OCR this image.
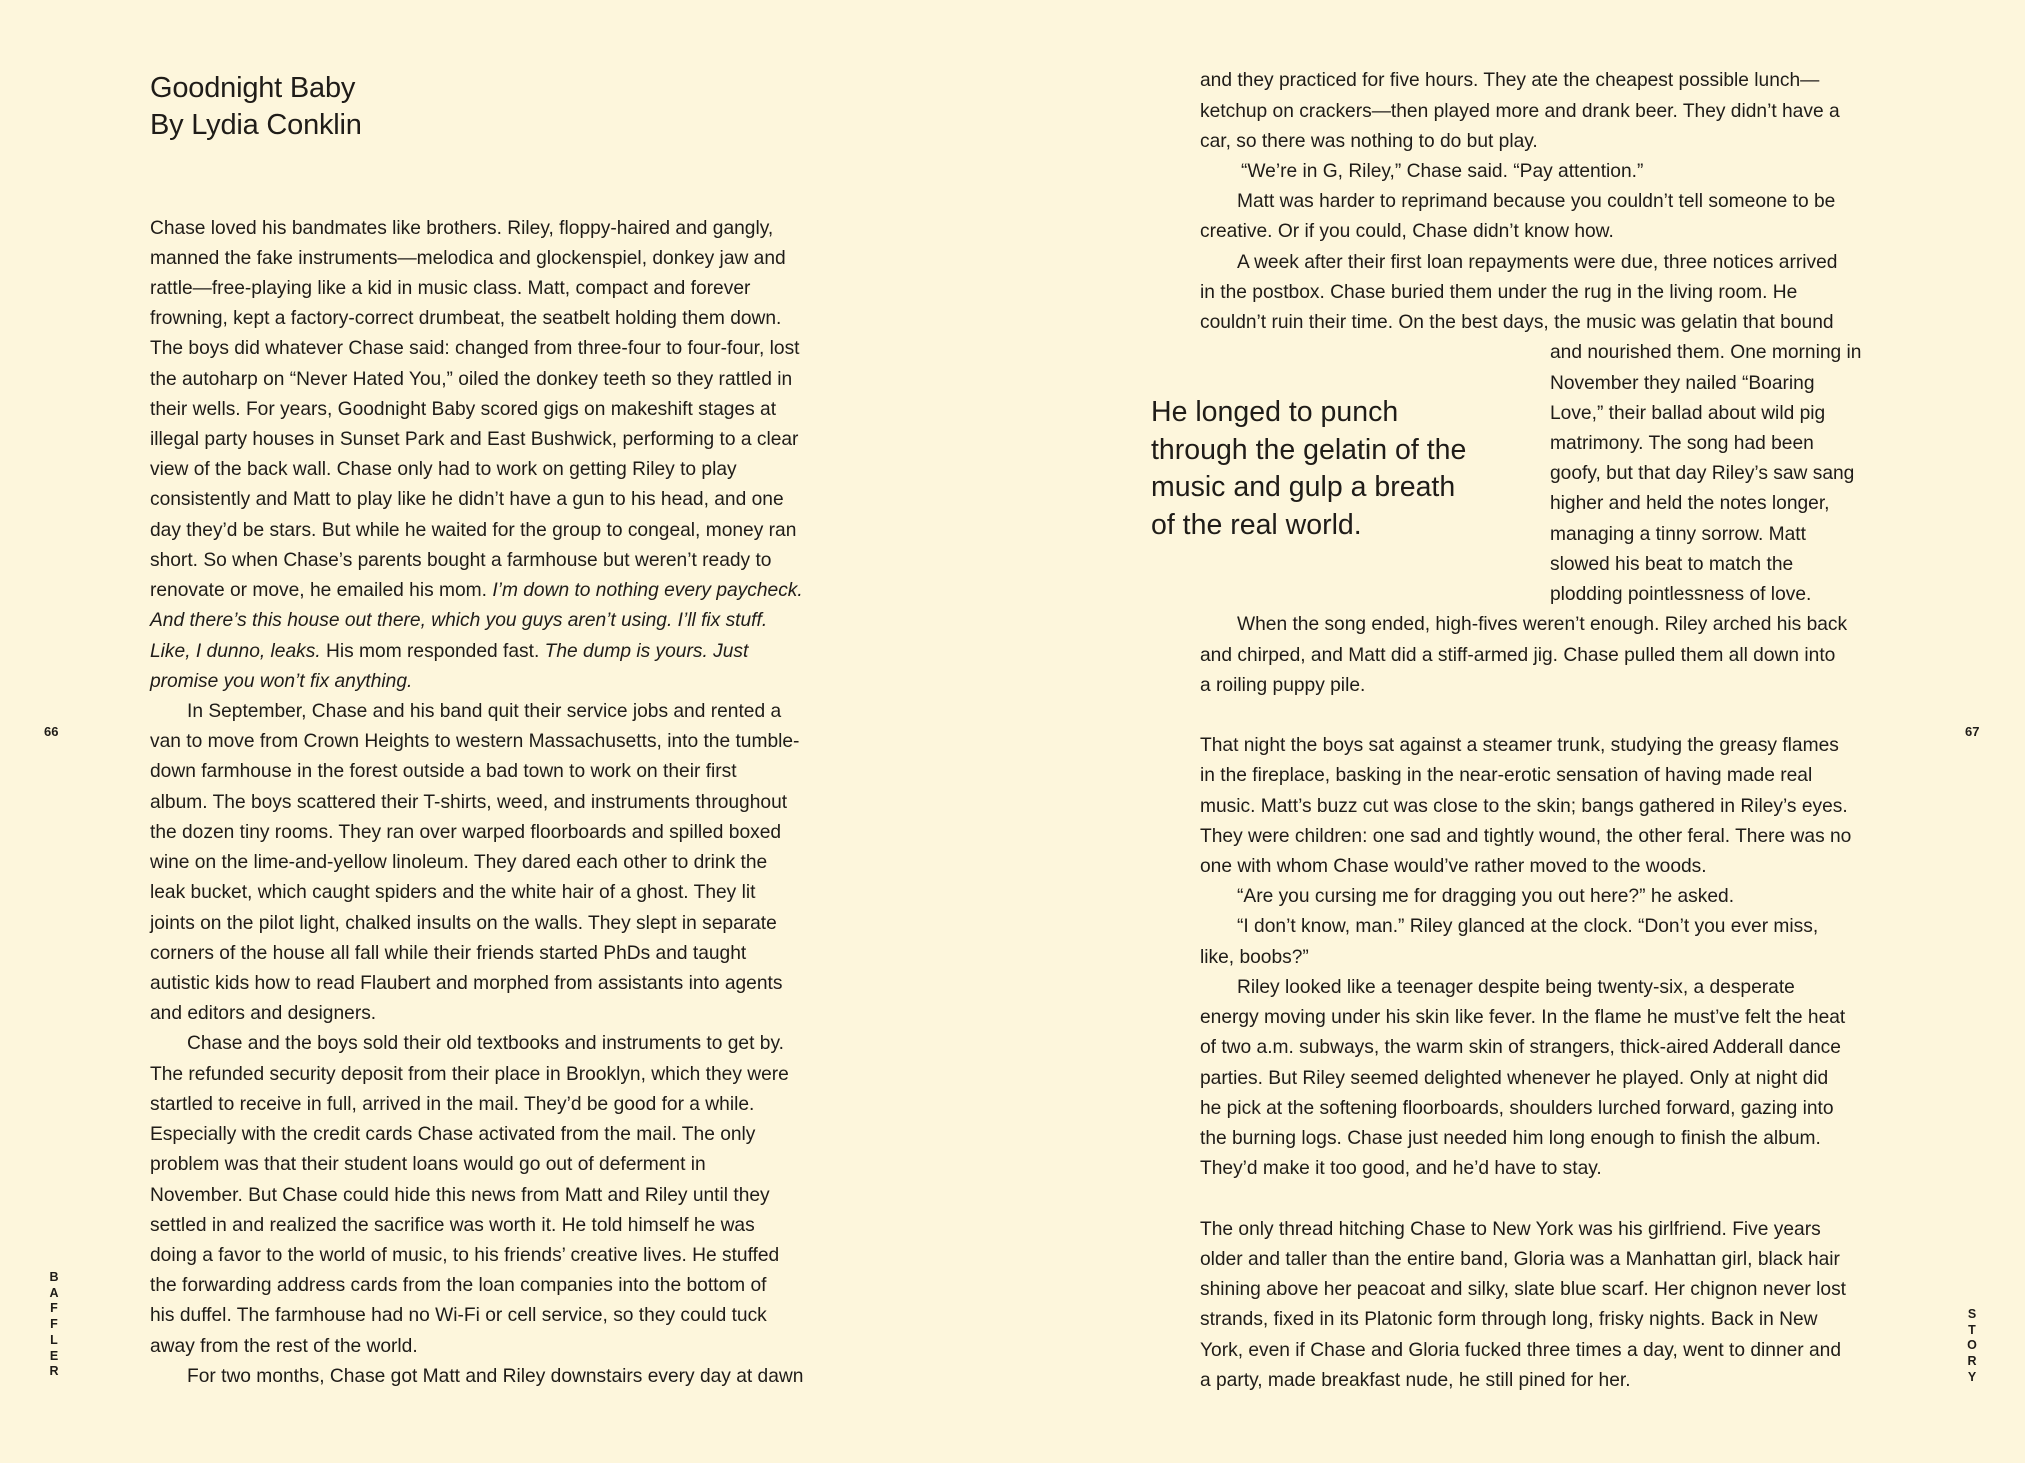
Goodnight Baby
By Lydia Conklin
Chase loved his bandmates like brothers. Riley, floppy-haired and gangly,
manned the fake instruments—melodica and glockenspiel, donkey jaw and
rattle—free-playing like a kid in music class. Matt, compact and forever
frowning, kept a factory-correct drumbeat, the seatbelt holding them down.
The boys did whatever Chase said: changed from three-four to four-four, lost
the autoharp on “Never Hated You,” oiled the donkey teeth so they rattled in
their wells. For years, Goodnight Baby scored gigs on makeshift stages at
illegal party houses in Sunset Park and East Bushwick, performing to a clear
view of the back wall. Chase only had to work on getting Riley to play
consistently and Matt to play like he didn’t have a gun to his head, and one
day they’d be stars. But while he waited for the group to congeal, money ran
short. So when Chase’s parents bought a farmhouse but weren’t ready to
renovate or move, he emailed his mom. I’m down to nothing every paycheck.
And there’s this house out there, which you guys aren’t using. I’ll fix stuff.
Like, I dunno, leaks. His mom responded fast. The dump is yours. Just
promise you won’t fix anything.
In September, Chase and his band quit their service jobs and rented a
van to move from Crown Heights to western Massachusetts, into the tumble-
down farmhouse in the forest outside a bad town to work on their first
album. The boys scattered their T-shirts, weed, and instruments throughout
the dozen tiny rooms. They ran over warped floorboards and spilled boxed
wine on the lime-and-yellow linoleum. They dared each other to drink the
leak bucket, which caught spiders and the white hair of a ghost. They lit
joints on the pilot light, chalked insults on the walls. They slept in separate
corners of the house all fall while their friends started PhDs and taught
autistic kids how to read Flaubert and morphed from assistants into agents
and editors and designers.
Chase and the boys sold their old textbooks and instruments to get by.
The refunded security deposit from their place in Brooklyn, which they were
startled to receive in full, arrived in the mail. They’d be good for a while.
Especially with the credit cards Chase activated from the mail. The only
problem was that their student loans would go out of deferment in
November. But Chase could hide this news from Matt and Riley until they
settled in and realized the sacrifice was worth it. He told himself he was
doing a favor to the world of music, to his friends’ creative lives. He stuffed
the forwarding address cards from the loan companies into the bottom of
his duffel. The farmhouse had no Wi-Fi or cell service, so they could tuck
away from the rest of the world.
For two months, Chase got Matt and Riley downstairs every day at dawn
and they practiced for five hours. They ate the cheapest possible lunch—
ketchup on crackers—then played more and drank beer. They didn’t have a
car, so there was nothing to do but play.
“We’re in G, Riley,” Chase said. “Pay attention.”
Matt was harder to reprimand because you couldn’t tell someone to be
creative. Or if you could, Chase didn’t know how.
A week after their first loan repayments were due, three notices arrived
in the postbox. Chase buried them under the rug in the living room. He
couldn’t ruin their time. On the best days, the music was gelatin that bound
and nourished them. One morning in
November they nailed “Boaring
Love,” their ballad about wild pig
matrimony. The song had been
goofy, but that day Riley’s saw sang
higher and held the notes longer,
managing a tinny sorrow. Matt
slowed his beat to match the
plodding pointlessness of love.
When the song ended, high-fives weren’t enough. Riley arched his back
and chirped, and Matt did a stiff-armed jig. Chase pulled them all down into
a roiling puppy pile.
That night the boys sat against a steamer trunk, studying the greasy flames
in the fireplace, basking in the near-erotic sensation of having made real
music. Matt’s buzz cut was close to the skin; bangs gathered in Riley’s eyes.
They were children: one sad and tightly wound, the other feral. There was no
one with whom Chase would’ve rather moved to the woods.
“Are you cursing me for dragging you out here?” he asked.
“I don’t know, man.” Riley glanced at the clock. “Don’t you ever miss,
like, boobs?”
Riley looked like a teenager despite being twenty-six, a desperate
energy moving under his skin like fever. In the flame he must’ve felt the heat
of two a.m. subways, the warm skin of strangers, thick-aired Adderall dance
parties. But Riley seemed delighted whenever he played. Only at night did
he pick at the softening floorboards, shoulders lurched forward, gazing into
the burning logs. Chase just needed him long enough to finish the album.
They’d make it too good, and he’d have to stay.
The only thread hitching Chase to New York was his girlfriend. Five years
older and taller than the entire band, Gloria was a Manhattan girl, black hair
shining above her peacoat and silky, slate blue scarf. Her chignon never lost
strands, fixed in its Platonic form through long, frisky nights. Back in New
York, even if Chase and Gloria fucked three times a day, went to dinner and
a party, made breakfast nude, he still pined for her.
He longed to punch
through the gelatin of the
music and gulp a breath
of the real world.
66	67
BAFFLER
STORY
